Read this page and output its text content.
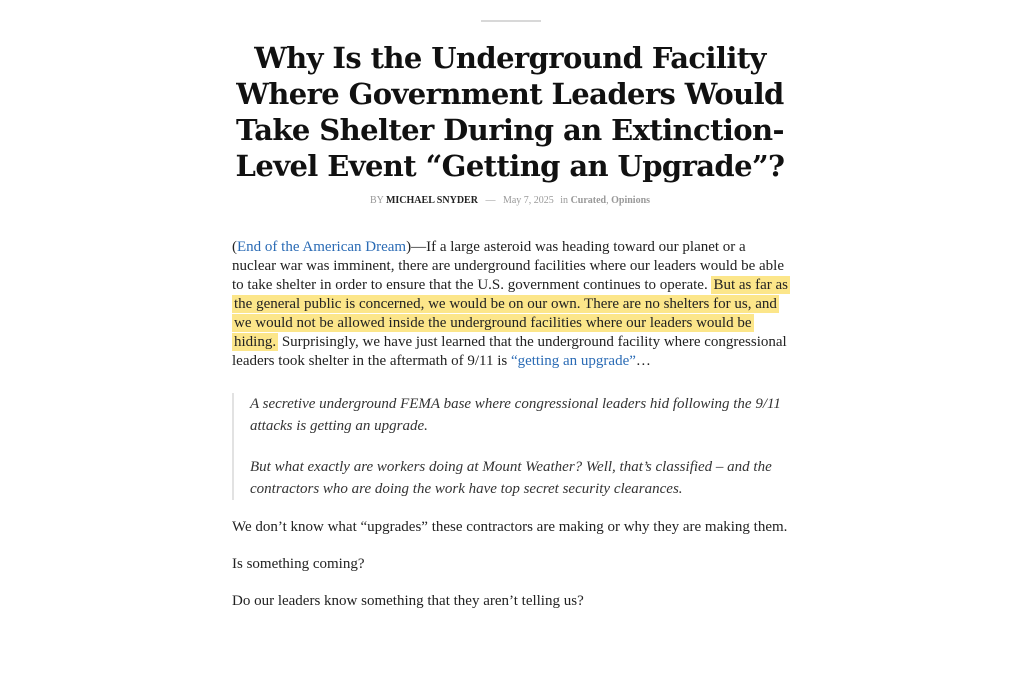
Why Is the Underground Facility Where Government Leaders Would Take Shelter During an Extinction-Level Event “Getting an Upgrade”?
BY MICHAEL SNYDER — May 7, 2025 in Curated, Opinions

(End of the American Dream)—If a large asteroid was heading toward our planet or a nuclear war was imminent, there are underground facilities where our leaders would be able to take shelter in order to ensure that the U.S. government continues to operate. But as far as the general public is concerned, we would be on our own. There are no shelters for us, and we would not be allowed inside the underground facilities where our leaders would be hiding. Surprisingly, we have just learned that the underground facility where congressional leaders took shelter in the aftermath of 9/11 is “getting an upgrade”…

A secretive underground FEMA base where congressional leaders hid following the 9/11 attacks is getting an upgrade.

But what exactly are workers doing at Mount Weather? Well, that’s classified – and the contractors who are doing the work have top secret security clearances.

We don’t know what “upgrades” these contractors are making or why they are making them.

Is something coming?

Do our leaders know something that they aren’t telling us?
